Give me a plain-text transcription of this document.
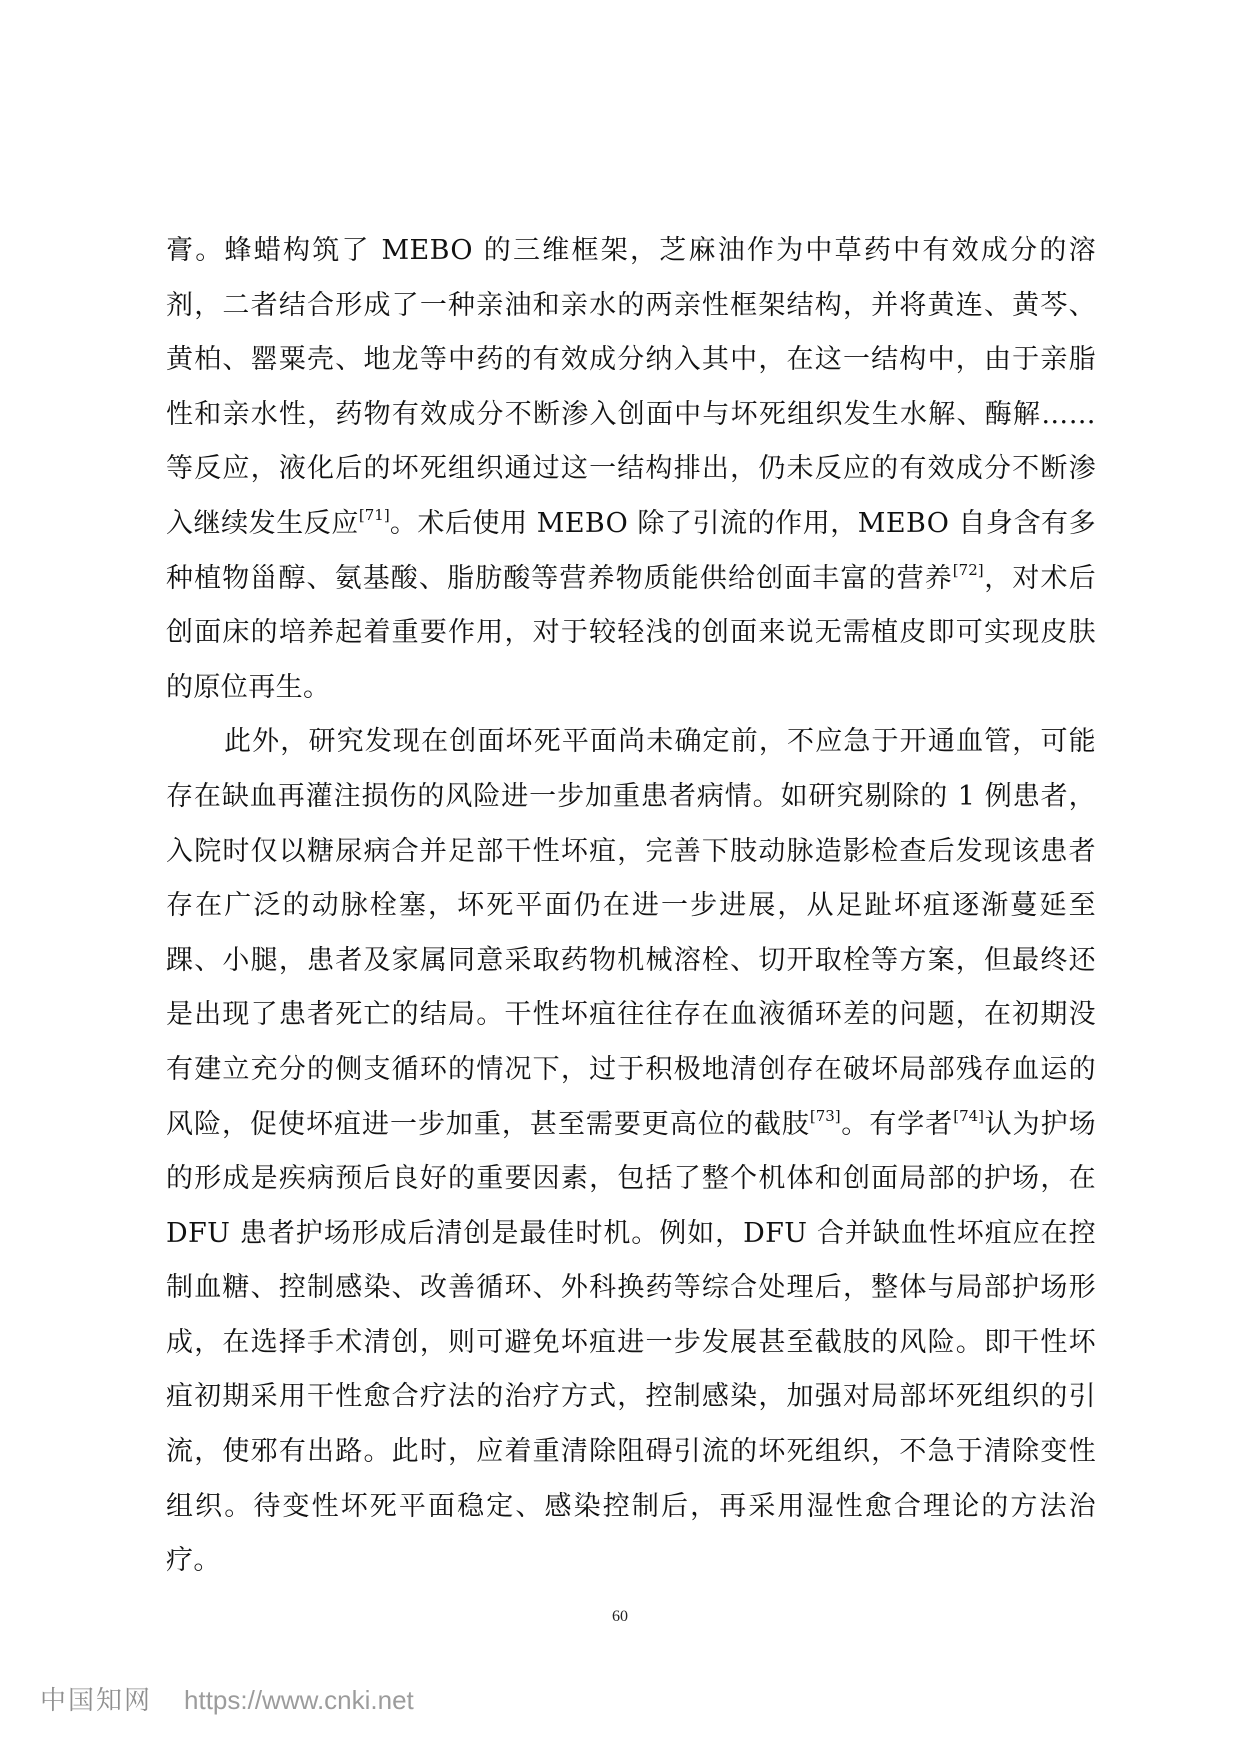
膏。蜂蜡构筑了 MEBO 的三维框架，芝麻油作为中草药中有效成分的溶剂，二者结合形成了一种亲油和亲水的两亲性框架结构，并将黄连、黄芩、黄柏、罂粟壳、地龙等中药的有效成分纳入其中，在这一结构中，由于亲脂性和亲水性，药物有效成分不断渗入创面中与坏死组织发生水解、酶解……等反应，液化后的坏死组织通过这一结构排出，仍未反应的有效成分不断渗入继续发生反应[71]。术后使用 MEBO 除了引流的作用，MEBO 自身含有多种植物甾醇、氨基酸、脂肪酸等营养物质能供给创面丰富的营养[72]，对术后创面床的培养起着重要作用，对于较轻浅的创面来说无需植皮即可实现皮肤的原位再生。

此外，研究发现在创面坏死平面尚未确定前，不应急于开通血管，可能存在缺血再灌注损伤的风险进一步加重患者病情。如研究剔除的 1 例患者，入院时仅以糖尿病合并足部干性坏疽，完善下肢动脉造影检查后发现该患者存在广泛的动脉栓塞，坏死平面仍在进一步进展，从足趾坏疽逐渐蔓延至踝、小腿，患者及家属同意采取药物机械溶栓、切开取栓等方案，但最终还是出现了患者死亡的结局。干性坏疽往往存在血液循环差的问题，在初期没有建立充分的侧支循环的情况下，过于积极地清创存在破坏局部残存血运的风险，促使坏疽进一步加重，甚至需要更高位的截肢[73]。有学者[74]认为护场的形成是疾病预后良好的重要因素，包括了整个机体和创面局部的护场，在 DFU 患者护场形成后清创是最佳时机。例如，DFU 合并缺血性坏疽应在控制血糖、控制感染、改善循环、外科换药等综合处理后，整体与局部护场形成，在选择手术清创，则可避免坏疽进一步发展甚至截肢的风险。即干性坏疽初期采用干性愈合疗法的治疗方式，控制感染，加强对局部坏死组织的引流，使邪有出路。此时，应着重清除阻碍引流的坏死组织，不急于清除变性组织。待变性坏死平面稳定、感染控制后，再采用湿性愈合理论的方法治疗。

60
中国知网 https://www.cnki.net
